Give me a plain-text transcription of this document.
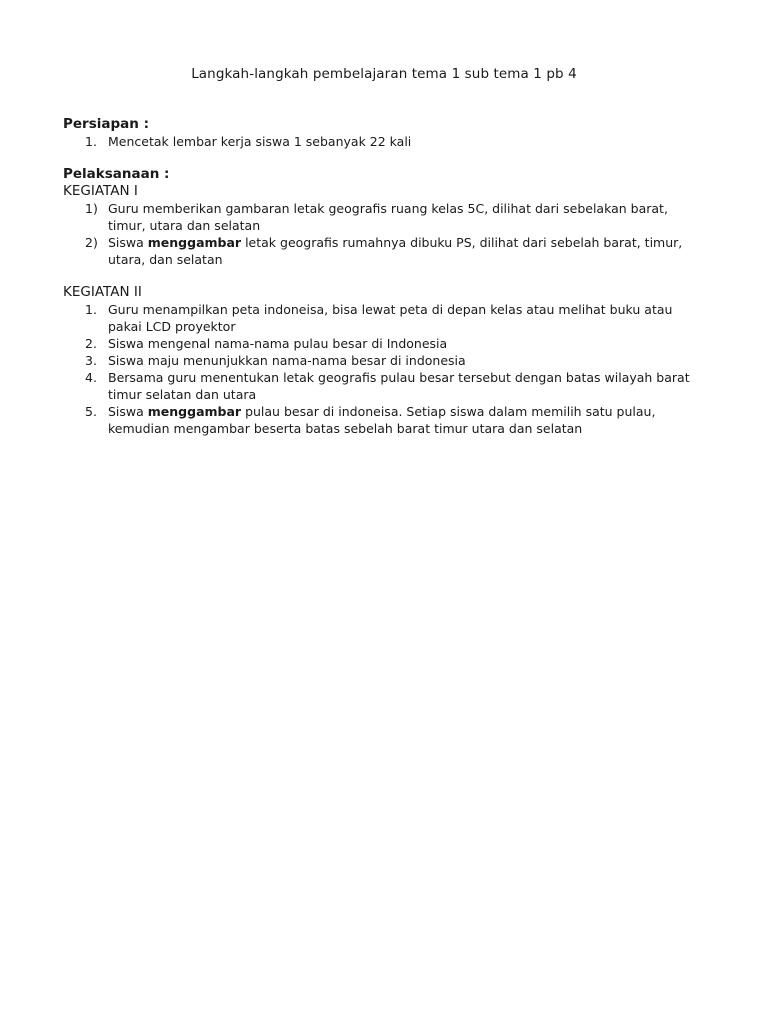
Langkah-langkah pembelajaran tema 1 sub tema 1 pb 4
Persiapan :
1. Mencetak lembar kerja siswa 1 sebanyak 22 kali
Pelaksanaan :
KEGIATAN I
1) Guru memberikan gambaran letak geografis ruang kelas 5C, dilihat dari sebelakan barat, timur, utara dan selatan
2) Siswa menggambar letak geografis rumahnya dibuku PS, dilihat dari sebelah barat, timur, utara, dan selatan
KEGIATAN II
1. Guru menampilkan peta indoneisa, bisa lewat peta di depan kelas atau melihat buku atau pakai LCD proyektor
2. Siswa mengenal nama-nama pulau besar di Indonesia
3. Siswa maju menunjukkan nama-nama besar di indonesia
4. Bersama guru menentukan letak geografis pulau besar tersebut dengan batas wilayah barat timur selatan dan utara
5. Siswa menggambar pulau besar di indoneisa. Setiap siswa dalam memilih satu pulau, kemudian mengambar beserta batas sebelah barat timur utara dan selatan
